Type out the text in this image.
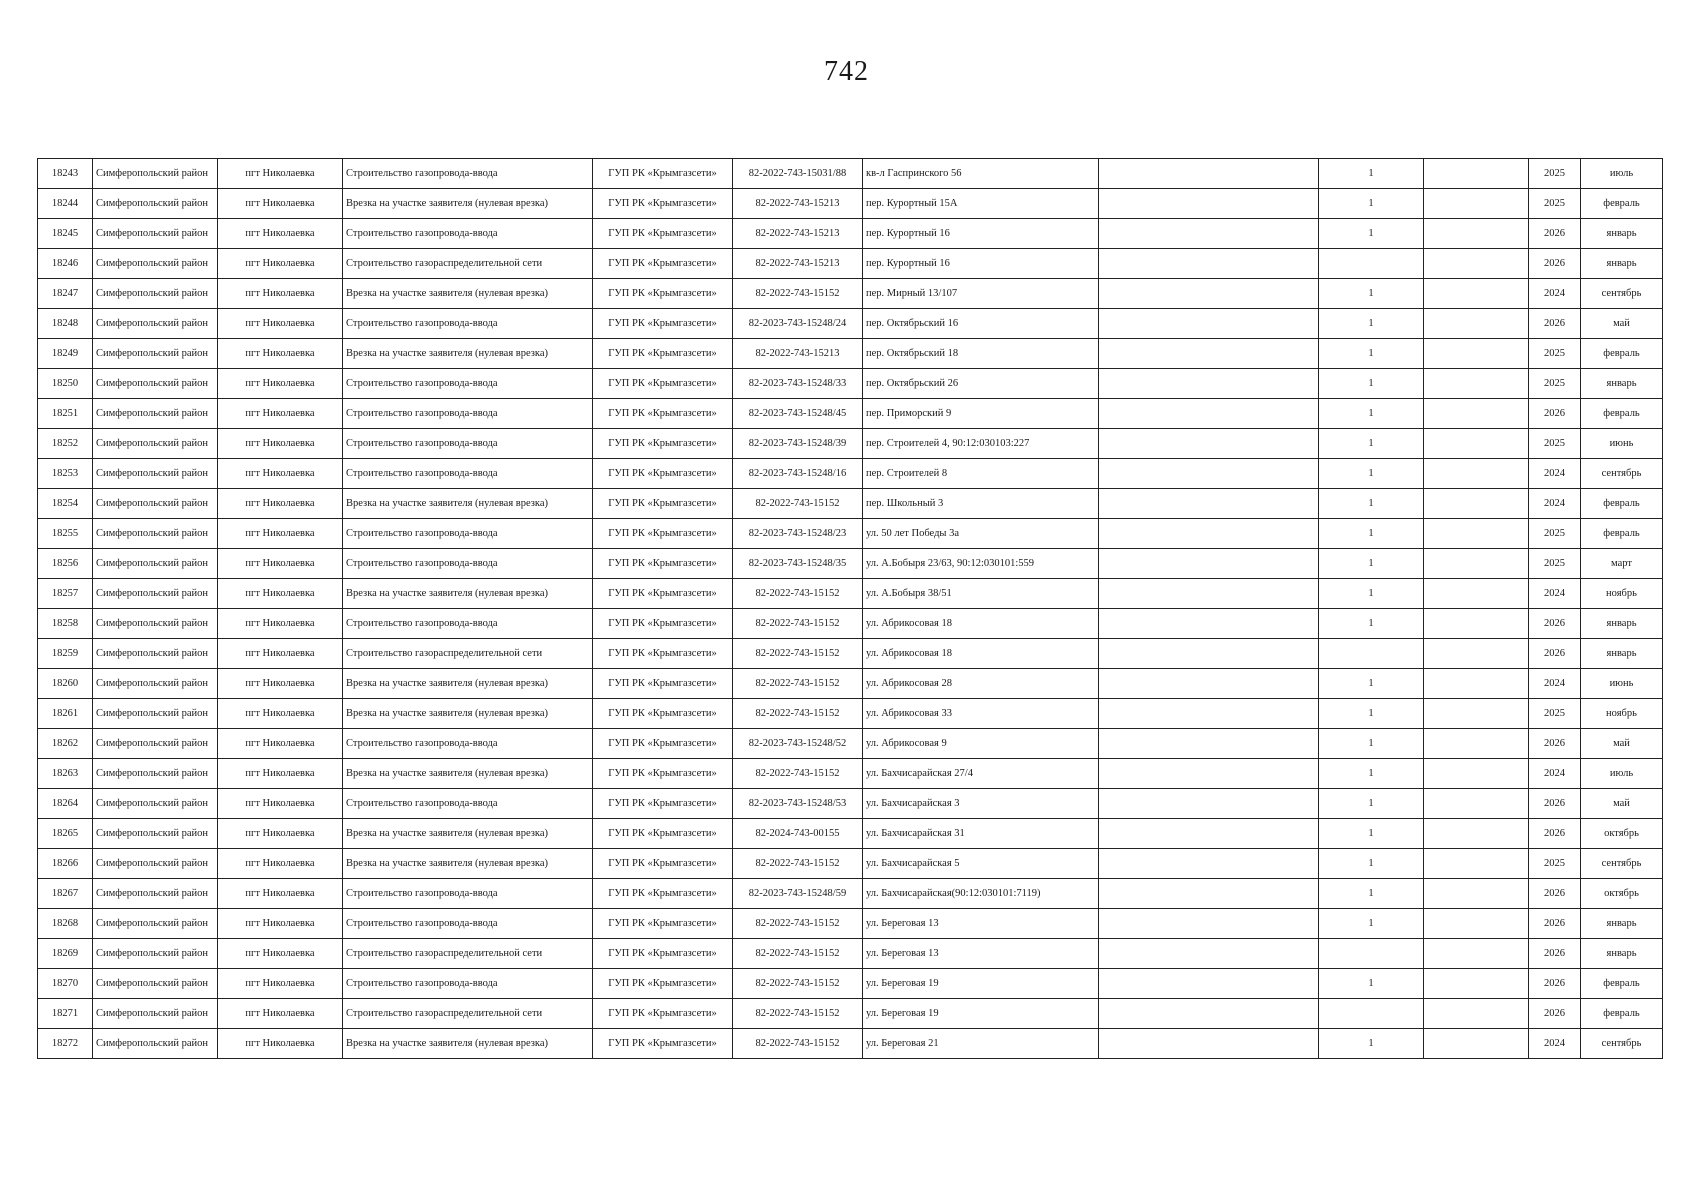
742
18243	Симферопольский район	пгт Николаевка	Строительство газопровода-ввода	ГУП РК «Крымгазсети»	82-2022-743-15031/88	кв-л Гаспринского 56		1		2025	июль
18244	Симферопольский район	пгт Николаевка	Врезка на участке заявителя (нулевая врезка)	ГУП РК «Крымгазсети»	82-2022-743-15213	пер. Курортный 15А		1		2025	февраль
18245	Симферопольский район	пгт Николаевка	Строительство газопровода-ввода	ГУП РК «Крымгазсети»	82-2022-743-15213	пер. Курортный 16		1		2026	январь
18246	Симферопольский район	пгт Николаевка	Строительство газораспределительной сети	ГУП РК «Крымгазсети»	82-2022-743-15213	пер. Курортный 16				2026	январь
18247	Симферопольский район	пгт Николаевка	Врезка на участке заявителя (нулевая врезка)	ГУП РК «Крымгазсети»	82-2022-743-15152	пер. Мирный 13/107		1		2024	сентябрь
18248	Симферопольский район	пгт Николаевка	Строительство газопровода-ввода	ГУП РК «Крымгазсети»	82-2023-743-15248/24	пер. Октябрьский 16		1		2026	май
18249	Симферопольский район	пгт Николаевка	Врезка на участке заявителя (нулевая врезка)	ГУП РК «Крымгазсети»	82-2022-743-15213	пер. Октябрьский 18		1		2025	февраль
18250	Симферопольский район	пгт Николаевка	Строительство газопровода-ввода	ГУП РК «Крымгазсети»	82-2023-743-15248/33	пер. Октябрьский 26		1		2025	январь
18251	Симферопольский район	пгт Николаевка	Строительство газопровода-ввода	ГУП РК «Крымгазсети»	82-2023-743-15248/45	пер. Приморский 9		1		2026	февраль
18252	Симферопольский район	пгт Николаевка	Строительство газопровода-ввода	ГУП РК «Крымгазсети»	82-2023-743-15248/39	пер. Строителей 4, 90:12:030103:227		1		2025	июнь
18253	Симферопольский район	пгт Николаевка	Строительство газопровода-ввода	ГУП РК «Крымгазсети»	82-2023-743-15248/16	пер. Строителей 8		1		2024	сентябрь
18254	Симферопольский район	пгт Николаевка	Врезка на участке заявителя (нулевая врезка)	ГУП РК «Крымгазсети»	82-2022-743-15152	пер. Школьный 3		1		2024	февраль
18255	Симферопольский район	пгт Николаевка	Строительство газопровода-ввода	ГУП РК «Крымгазсети»	82-2023-743-15248/23	ул. 50 лет Победы 3а		1		2025	февраль
18256	Симферопольский район	пгт Николаевка	Строительство газопровода-ввода	ГУП РК «Крымгазсети»	82-2023-743-15248/35	ул. А.Бобыря 23/63, 90:12:030101:559		1		2025	март
18257	Симферопольский район	пгт Николаевка	Врезка на участке заявителя (нулевая врезка)	ГУП РК «Крымгазсети»	82-2022-743-15152	ул. А.Бобыря 38/51		1		2024	ноябрь
18258	Симферопольский район	пгт Николаевка	Строительство газопровода-ввода	ГУП РК «Крымгазсети»	82-2022-743-15152	ул. Абрикосовая 18		1		2026	январь
18259	Симферопольский район	пгт Николаевка	Строительство газораспределительной сети	ГУП РК «Крымгазсети»	82-2022-743-15152	ул. Абрикосовая 18				2026	январь
18260	Симферопольский район	пгт Николаевка	Врезка на участке заявителя (нулевая врезка)	ГУП РК «Крымгазсети»	82-2022-743-15152	ул. Абрикосовая 28		1		2024	июнь
18261	Симферопольский район	пгт Николаевка	Врезка на участке заявителя (нулевая врезка)	ГУП РК «Крымгазсети»	82-2022-743-15152	ул. Абрикосовая 33		1		2025	ноябрь
18262	Симферопольский район	пгт Николаевка	Строительство газопровода-ввода	ГУП РК «Крымгазсети»	82-2023-743-15248/52	ул. Абрикосовая 9		1		2026	май
18263	Симферопольский район	пгт Николаевка	Врезка на участке заявителя (нулевая врезка)	ГУП РК «Крымгазсети»	82-2022-743-15152	ул. Бахчисарайская 27/4		1		2024	июль
18264	Симферопольский район	пгт Николаевка	Строительство газопровода-ввода	ГУП РК «Крымгазсети»	82-2023-743-15248/53	ул. Бахчисарайская 3		1		2026	май
18265	Симферопольский район	пгт Николаевка	Врезка на участке заявителя (нулевая врезка)	ГУП РК «Крымгазсети»	82-2024-743-00155	ул. Бахчисарайская 31		1		2026	октябрь
18266	Симферопольский район	пгт Николаевка	Врезка на участке заявителя (нулевая врезка)	ГУП РК «Крымгазсети»	82-2022-743-15152	ул. Бахчисарайская 5		1		2025	сентябрь
18267	Симферопольский район	пгт Николаевка	Строительство газопровода-ввода	ГУП РК «Крымгазсети»	82-2023-743-15248/59	ул. Бахчисарайская(90:12:030101:7119)		1		2026	октябрь
18268	Симферопольский район	пгт Николаевка	Строительство газопровода-ввода	ГУП РК «Крымгазсети»	82-2022-743-15152	ул. Береговая 13		1		2026	январь
18269	Симферопольский район	пгт Николаевка	Строительство газораспределительной сети	ГУП РК «Крымгазсети»	82-2022-743-15152	ул. Береговая 13				2026	январь
18270	Симферопольский район	пгт Николаевка	Строительство газопровода-ввода	ГУП РК «Крымгазсети»	82-2022-743-15152	ул. Береговая 19		1		2026	февраль
18271	Симферопольский район	пгт Николаевка	Строительство газораспределительной сети	ГУП РК «Крымгазсети»	82-2022-743-15152	ул. Береговая 19				2026	февраль
18272	Симферопольский район	пгт Николаевка	Врезка на участке заявителя (нулевая врезка)	ГУП РК «Крымгазсети»	82-2022-743-15152	ул. Береговая 21		1		2024	сентябрь
